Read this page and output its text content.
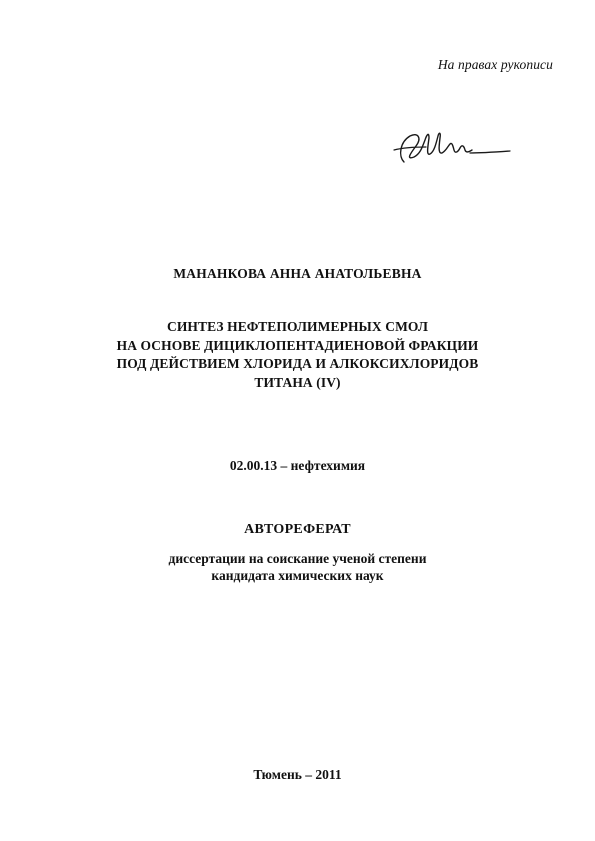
На правах рукописи
МАНАНКОВА АННА АНАТОЛЬЕВНА
СИНТЕЗ НЕФТЕПОЛИМЕРНЫХ СМОЛ
НА ОСНОВЕ ДИЦИКЛОПЕНТАДИЕНОВОЙ ФРАКЦИИ
ПОД ДЕЙСТВИЕМ ХЛОРИДА И АЛКОКСИХЛОРИДОВ
ТИТАНА (IV)
02.00.13 – нефтехимия
АВТОРЕФЕРАТ
диссертации на соискание ученой степени
кандидата химических наук
Тюмень – 2011
